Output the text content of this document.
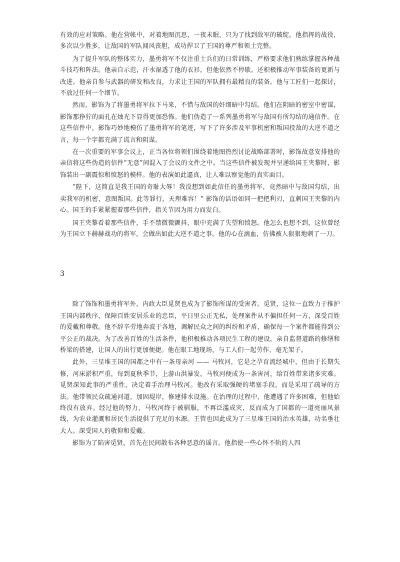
有效的应对策略。他在营帐中，对着地图沉思，一夜未眠，只为了找到敌军的破绽。他指挥的战役，多次以少胜多，让敌国的军队闻风丧胆，成功捍卫了王国的尊严和领土完整。

为了提升军队的整体实力，墨勇将军不仅注重士兵们的日常训练，严格要求他们熟练掌握各种战斗技巧和阵法。他亲自示范，汗水湿透了他的衣衫，但他依然不停歇。还积极推动军事装备的更新与改进。他亲自参与武器的研发和改良，力求让王国的军队拥有最精良的装备。他与工匠们一起探讨，不放过任何一个细节。

然而，影饰为了将墨勇将军拉下马来，不惜与敌国的奸细暗中勾结。他们在阴暗的密室中密谋，影饰那狰狞的面孔在烛光下显得更加恐怖。他们伪造了一系列墨勇将军与敌国有所勾结的通信件。在这些信件中，影饰巧妙地模仿了墨勇将军的笔迹，写下了许多涉及军事机密和叛国投敌的大逆不道之言，每一个字都充满了谎言和阴谋。

在一次重要的军事会议上，正当各位将领们围绕着地图热烈讨论战略部署时，影饰故意安排他的亲信将这些伪造的信件“无意”间混入了会议的文件之中。当这些信件被发现并呈递给国王夹黎时，影饰装出一副震惊和愤怒的模样。他的表演如此逼真，让人难以察觉他的真实面目。

“陛下，这简直是我王国的奇耻大辱！我没想到如此信任的墨勇将军，竟然暗中与敌国勾结，出卖我军的机密，意图叛国。此等罪行，天理难容！” 影饰的话语如同一把把利刃，直刺国王夹黎的内心。国王的手紧紧握着那些信件，指关节因为用力而发白。

国王夹黎看着那些信件，手不禁微微颤抖，眼中充满了失望和愤怒。他怎么也想不到，这位曾经为王国立下赫赫战功的将军，会做出如此大逆不道之事。他的心在滴血，仿佛被人狠狠地刺了一刀。

3

除了饰饰和墨勇将军外，内政大臣觅贤也成为了影饰所谋的受害者。觅贤，这位一直致力于推护王国内部秩序、保障百姓安居乐业的忠臣，平日里公正无私，处理案件从不偏担任何一方，深受百姓的爱戴和尊敬。他不辞辛劳地奔波于各地，调解民众之间的纠纷和矛盾，确保每一个案件都能得到公平公正的裁决。为了改善百姓的生活条件，他积极推动各项民生工程的建设，亲自监督道路的修缮和桥梁的搭建，让国人的出行更加便捷。他在眼工地现场，与工人们一起劳作，毫无架子。

此外，三星堆王国的国都之中有一条母亲河 —— 马牧河，它是之孕育流经城中，但由于长期失修，河床淤积严重，每到夏秋季节，上游山洪暴发，马牧河便成为一条害河，给百姓带来诸多灾难。觅贤深知此事的严重性，决定着手治理马牧河。他改有采取强硬的堵塞手段，而是采用了疏导的方法。他带领民众疏通河道，加固堤岸，修建排水设施。在治理的过程中，他遭遇了许多困难，但他始终没有放弃。经过他的努力，马牧河终于被驯服，不再泛滥成灾，反而成为了国都的一道亮丽风景线，为农业灌溉和居民生活提供了充足的水源。王管也因此成为了三星堆王国的治水英雄，功名垂壮大人。深受国人的敬仰和爱戴。

影饰为了陷害觅贤，首先在民间散布各种恶意的谣言。他指使一些心怀不轨的人四
